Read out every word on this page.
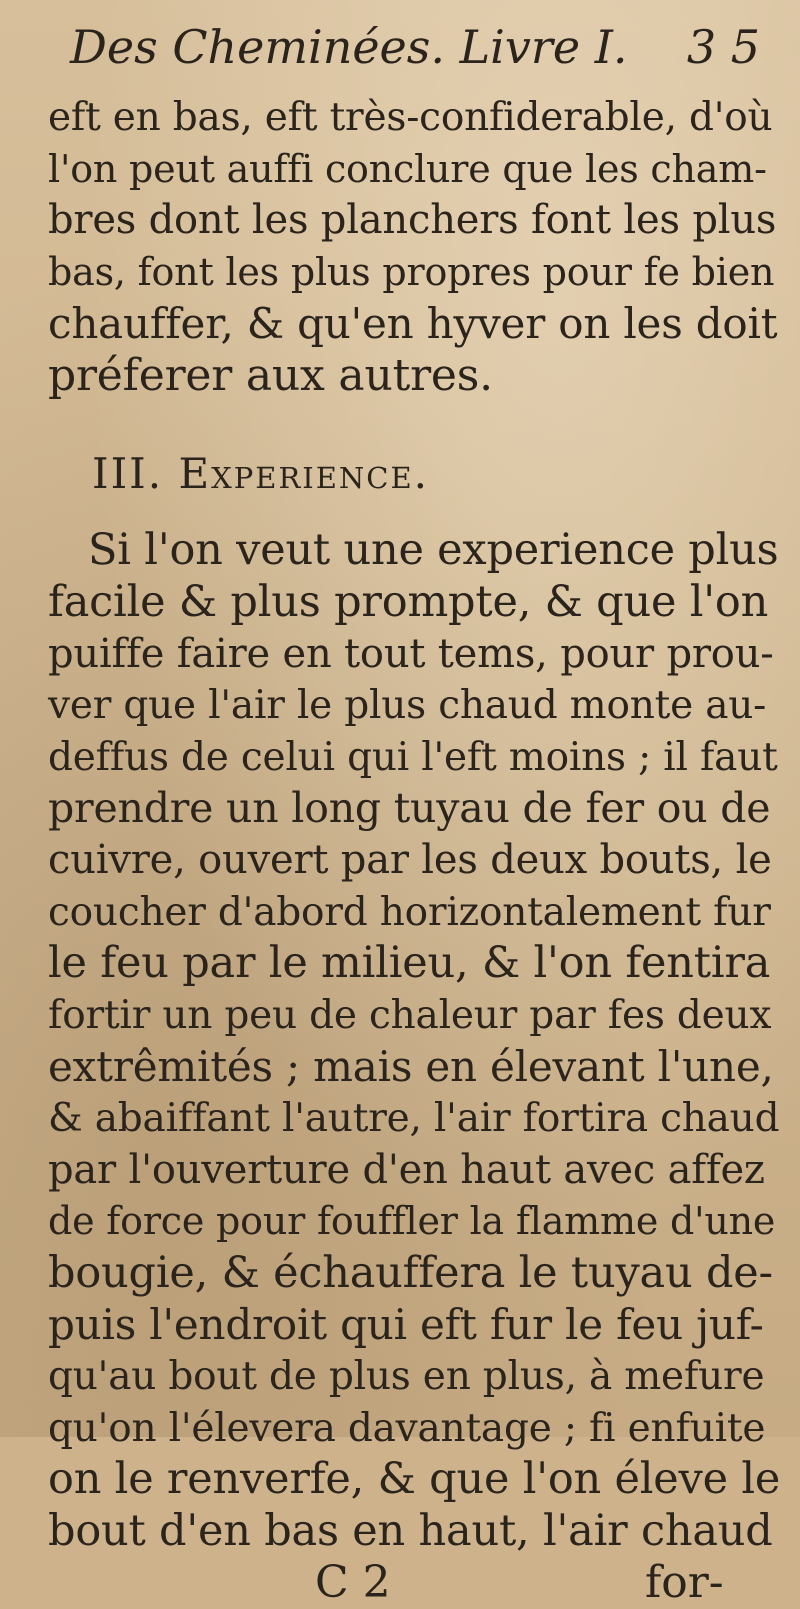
Des Cheminées. Livre I. 3 5
eft en bas, eft très-confiderable, d'où
l'on peut auffi conclure que les cham-
bres dont les planchers font les plus
bas, font les plus propres pour fe bien
chauffer, & qu'en hyver on les doit
préferer aux autres.
III. Experience.
Si l'on veut une experience plus
facile & plus prompte, & que l'on
puiffe faire en tout tems, pour prou-
ver que l'air le plus chaud monte au-
deffus de celui qui l'eft moins ; il faut
prendre un long tuyau de fer ou de
cuivre, ouvert par les deux bouts, le
coucher d'abord horizontalement fur
le feu par le milieu, & l'on fentira
fortir un peu de chaleur par fes deux
extrêmités ; mais en élevant l'une,
& abaiffant l'autre, l'air fortira chaud
par l'ouverture d'en haut avec affez
de force pour fouffler la flamme d'une
bougie, & échauffera le tuyau de-
puis l'endroit qui eft fur le feu juf-
qu'au bout de plus en plus, à mefure
qu'on l'élevera davantage ; fi enfuite
on le renverfe, & que l'on éleve le
bout d'en bas en haut, l'air chaud
C 2	for-
